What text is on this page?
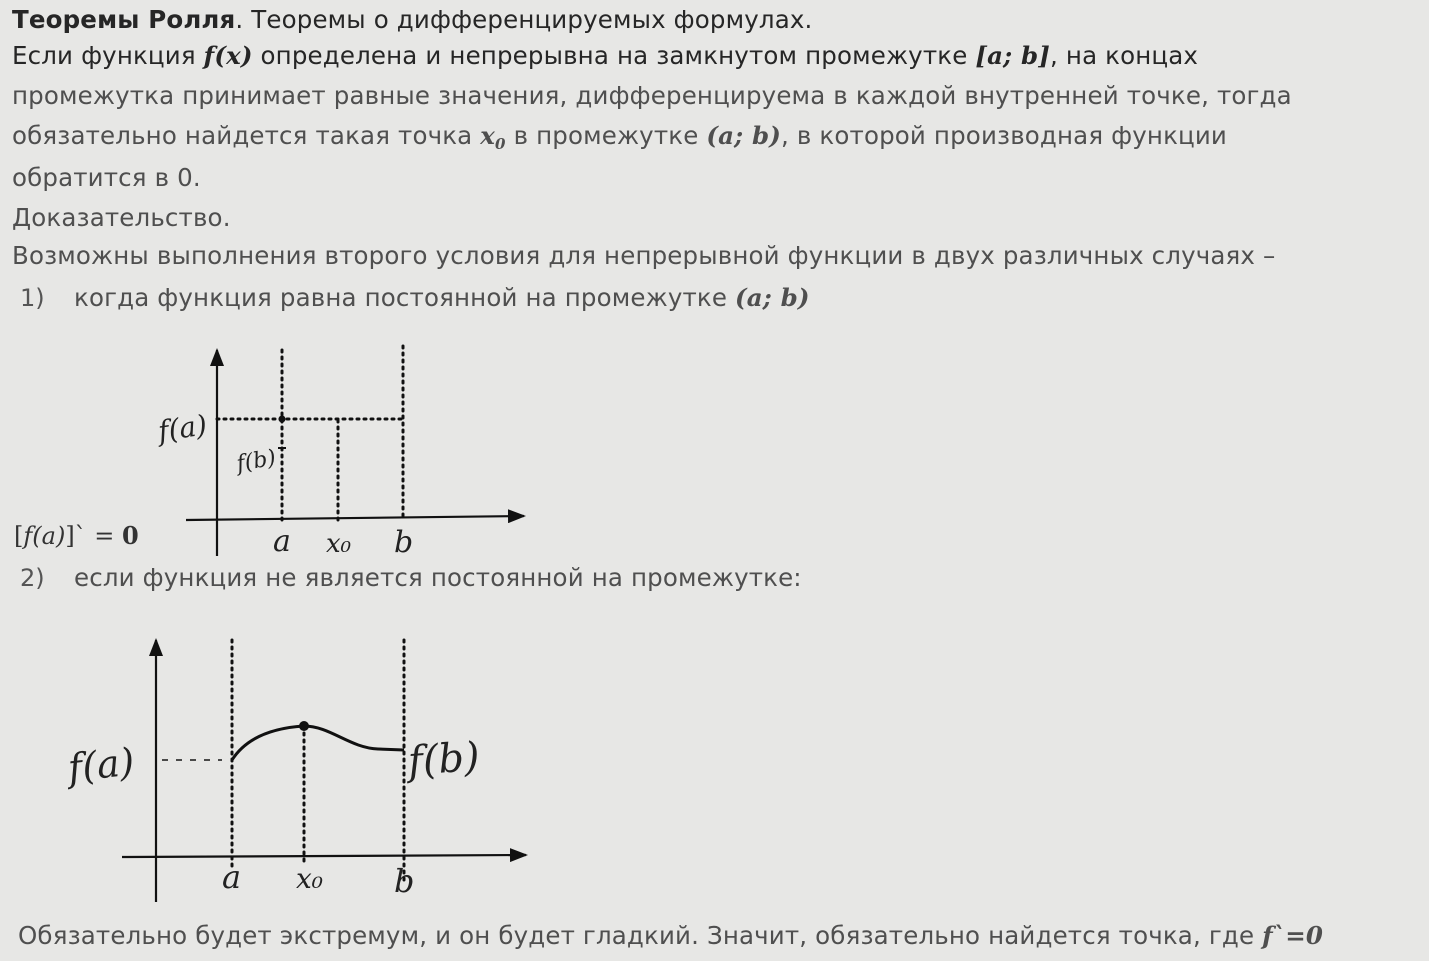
Теоремы Ролля. Теоремы о дифференцируемых формулах.
Если функция f(x) определена и непрерывна на замкнутом промежутке [a; b], на концах
промежутка принимает равные значения, дифференцируема в каждой внутренней точке, тогда
обязательно найдется такая точка $x_0$ в промежутке (a; b), в которой производная функции
обратится в 0.
Доказательство.
Возможны выполнения второго условия для непрерывной функции в двух различных случаях –
1) когда функция равна постоянной на промежутке (a; b)
f(a)
f(b)
a x₀ b
[f(a)]` = 0
2) если функция не является постоянной на промежутке:
f(a)	f(b)
a x₀ b
Обязательно будет экстремум, и он будет гладкий. Значит, обязательно найдется точка, где f`=0
